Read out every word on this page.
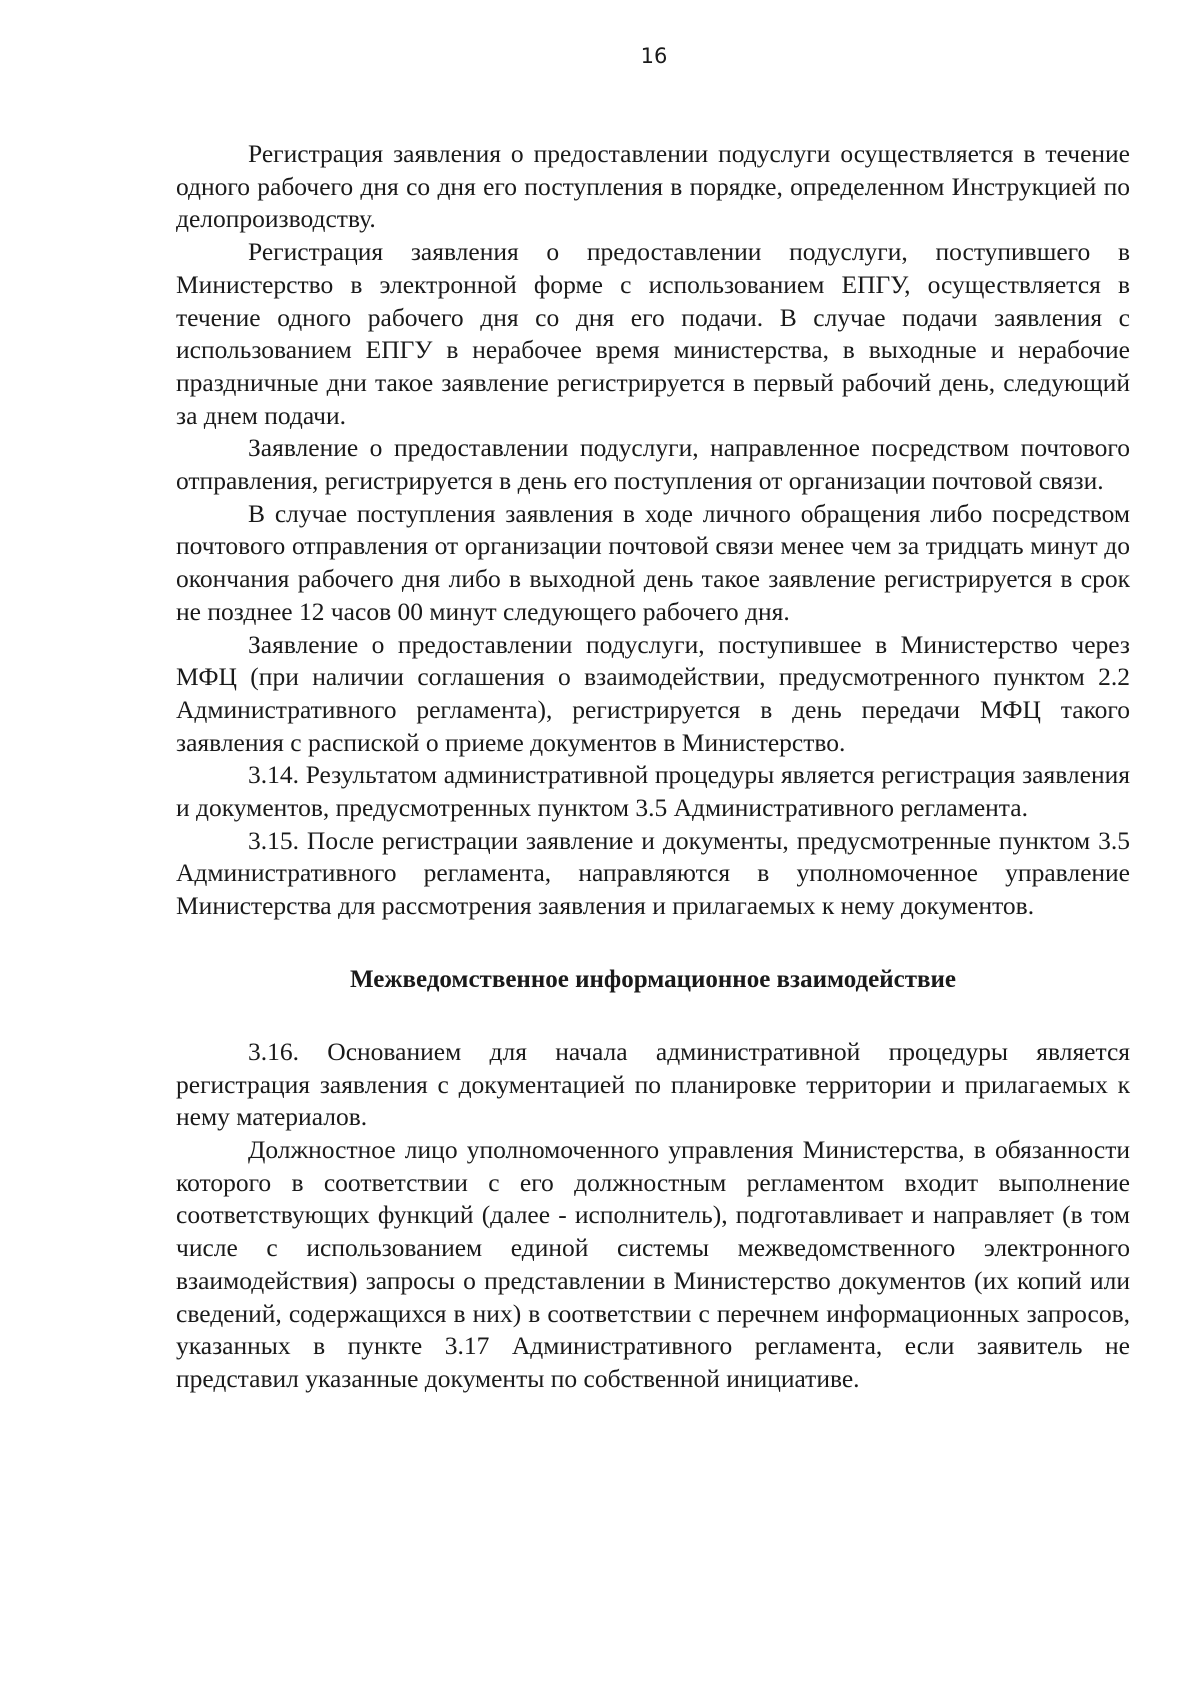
16

Регистрация заявления о предоставлении подуслуги осуществляется в течение одного рабочего дня со дня его поступления в порядке, определенном Инструкцией по делопроизводству.

Регистрация заявления о предоставлении подуслуги, поступившего в Министерство в электронной форме с использованием ЕПГУ, осуществляется в течение одного рабочего дня со дня его подачи. В случае подачи заявления с использованием ЕПГУ в нерабочее время министерства, в выходные и нерабочие праздничные дни такое заявление регистрируется в первый рабочий день, следующий за днем подачи.

Заявление о предоставлении подуслуги, направленное посредством почтового отправления, регистрируется в день его поступления от организации почтовой связи.

В случае поступления заявления в ходе личного обращения либо посредством почтового отправления от организации почтовой связи менее чем за тридцать минут до окончания рабочего дня либо в выходной день такое заявление регистрируется в срок не позднее 12 часов 00 минут следующего рабочего дня.

Заявление о предоставлении подуслуги, поступившее в Министерство через МФЦ (при наличии соглашения о взаимодействии, предусмотренного пунктом 2.2 Административного регламента), регистрируется в день передачи МФЦ такого заявления с распиской о приеме документов в Министерство.

3.14. Результатом административной процедуры является регистрация заявления и документов, предусмотренных пунктом 3.5 Административного регламента.

3.15. После регистрации заявление и документы, предусмотренные пунктом 3.5 Административного регламента, направляются в уполномоченное управление Министерства для рассмотрения заявления и прилагаемых к нему документов.

Межведомственное информационное взаимодействие

3.16. Основанием для начала административной процедуры является регистрация заявления с документацией по планировке территории и прилагаемых к нему материалов.

Должностное лицо уполномоченного управления Министерства, в обязанности которого в соответствии с его должностным регламентом входит выполнение соответствующих функций (далее - исполнитель), подготавливает и направляет (в том числе с использованием единой системы межведомственного электронного взаимодействия) запросы о представлении в Министерство документов (их копий или сведений, содержащихся в них) в соответствии с перечнем информационных запросов, указанных в пункте 3.17 Административного регламента, если заявитель не представил указанные документы по собственной инициативе.
